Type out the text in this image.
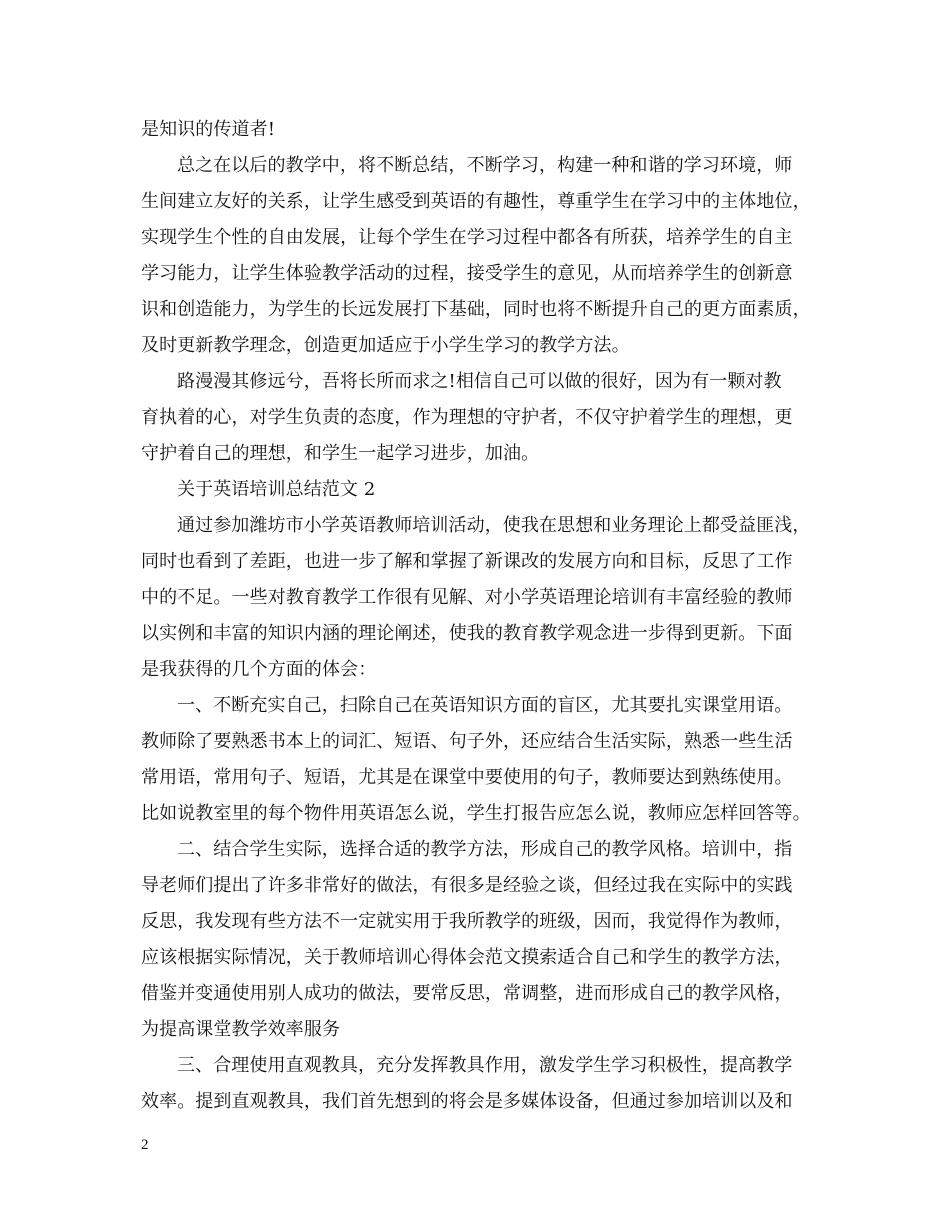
是知识的传道者!
总之在以后的教学中，将不断总结，不断学习，构建一种和谐的学习环境，师
生间建立友好的关系，让学生感受到英语的有趣性，尊重学生在学习中的主体地位，
实现学生个性的自由发展，让每个学生在学习过程中都各有所获，培养学生的自主
学习能力，让学生体验教学活动的过程，接受学生的意见，从而培养学生的创新意
识和创造能力，为学生的长远发展打下基础，同时也将不断提升自己的更方面素质，
及时更新教学理念，创造更加适应于小学生学习的教学方法。
路漫漫其修远兮，吾将长所而求之!相信自己可以做的很好，因为有一颗对教
育执着的心，对学生负责的态度，作为理想的守护者，不仅守护着学生的理想，更
守护着自己的理想，和学生一起学习进步，加油。
关于英语培训总结范文 2
通过参加潍坊市小学英语教师培训活动，使我在思想和业务理论上都受益匪浅，
同时也看到了差距，也进一步了解和掌握了新课改的发展方向和目标，反思了工作
中的不足。一些对教育教学工作很有见解、对小学英语理论培训有丰富经验的教师
以实例和丰富的知识内涵的理论阐述，使我的教育教学观念进一步得到更新。下面
是我获得的几个方面的体会：
一、不断充实自己，扫除自己在英语知识方面的盲区，尤其要扎实课堂用语。
教师除了要熟悉书本上的词汇、短语、句子外，还应结合生活实际，熟悉一些生活
常用语，常用句子、短语，尤其是在课堂中要使用的句子，教师要达到熟练使用。
比如说教室里的每个物件用英语怎么说，学生打报告应怎么说，教师应怎样回答等。
二、结合学生实际，选择合适的教学方法，形成自己的教学风格。培训中，指
导老师们提出了许多非常好的做法，有很多是经验之谈，但经过我在实际中的实践
反思，我发现有些方法不一定就实用于我所教学的班级，因而，我觉得作为教师，
应该根据实际情况，关于教师培训心得体会范文摸索适合自己和学生的教学方法，
借鉴并变通使用别人成功的做法，要常反思，常调整，进而形成自己的教学风格，
为提高课堂教学效率服务
三、合理使用直观教具，充分发挥教具作用，激发学生学习积极性，提高教学
效率。提到直观教具，我们首先想到的将会是多媒体设备，但通过参加培训以及和
2
